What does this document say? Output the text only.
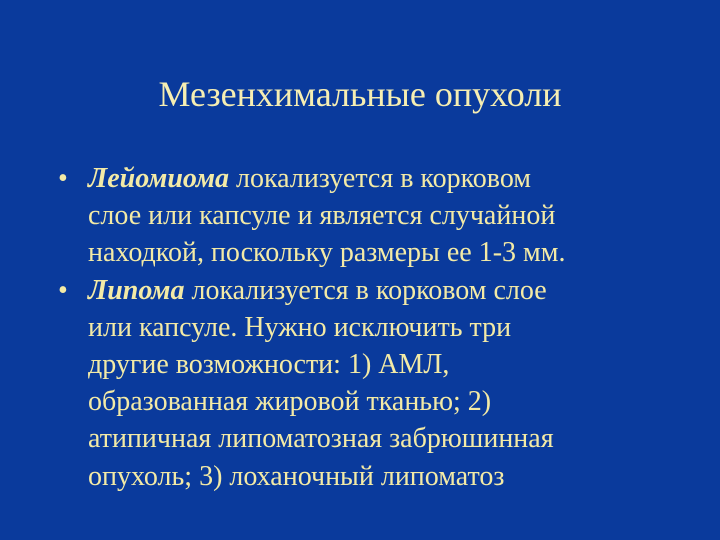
Мезенхимальные опухоли
• Лейомиома локализуется в корковом
слое или капсуле и является случайной
находкой, поскольку размеры ее 1-3 мм.
• Липома локализуется в корковом слое
или капсуле. Нужно исключить три
другие возможности: 1) АМЛ,
образованная жировой тканью; 2)
атипичная липоматозная забрюшинная
опухоль; 3) лоханочный липоматоз
